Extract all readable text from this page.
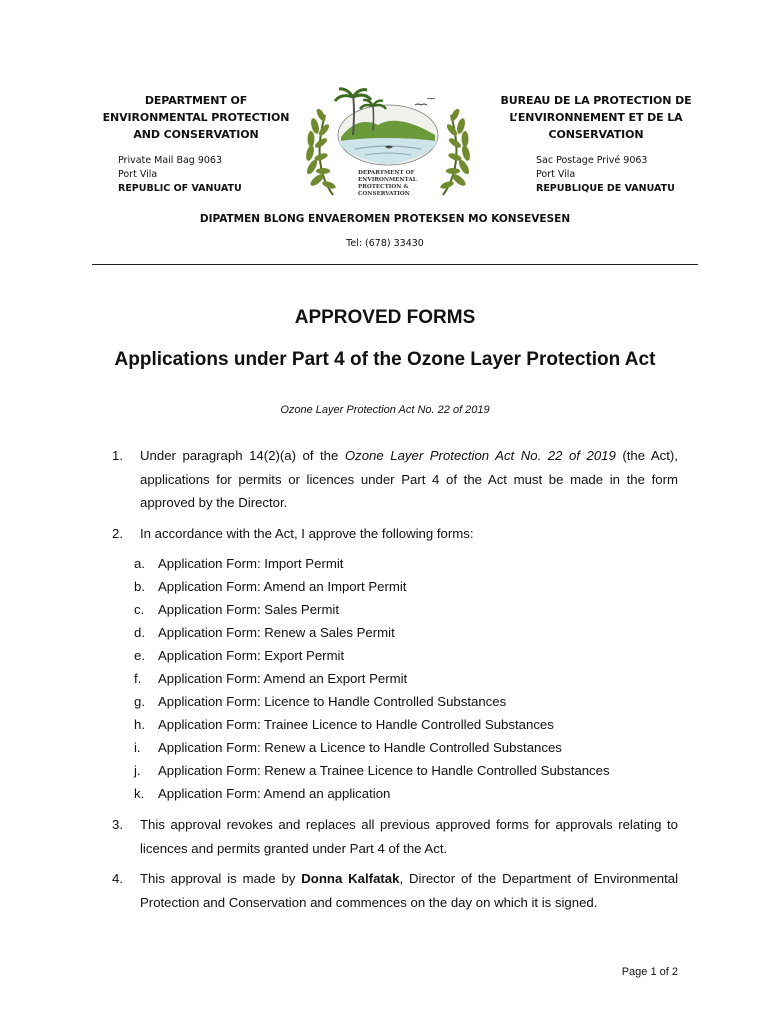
DEPARTMENT OF
ENVIRONMENTAL PROTECTION
AND CONSERVATION
Private Mail Bag 9063
Port Vila
REPUBLIC OF VANUATU
DEPARTMENT OF
ENVIRONMENTAL
PROTECTION &
CONSERVATION
BUREAU DE LA PROTECTION DE
L’ENVIRONNEMENT ET DE LA
CONSERVATION
Sac Postage Privé 9063
Port Vila
REPUBLIQUE DE VANUATU
DIPATMEN BLONG ENVAEROMEN PROTEKSEN MO KONSEVESEN
Tel: (678) 33430
APPROVED FORMS
Applications under Part 4 of the Ozone Layer Protection Act
Ozone Layer Protection Act No. 22 of 2019
1. Under paragraph 14(2)(a) of the Ozone Layer Protection Act No. 22 of 2019 (the Act), applications for permits or licences under Part 4 of the Act must be made in the form approved by the Director.
2. In accordance with the Act, I approve the following forms:
a. Application Form: Import Permit
b. Application Form: Amend an Import Permit
c. Application Form: Sales Permit
d. Application Form: Renew a Sales Permit
e. Application Form: Export Permit
f. Application Form: Amend an Export Permit
g. Application Form: Licence to Handle Controlled Substances
h. Application Form: Trainee Licence to Handle Controlled Substances
i. Application Form: Renew a Licence to Handle Controlled Substances
j. Application Form: Renew a Trainee Licence to Handle Controlled Substances
k. Application Form: Amend an application
3. This approval revokes and replaces all previous approved forms for approvals relating to licences and permits granted under Part 4 of the Act.
4. This approval is made by Donna Kalfatak, Director of the Department of Environmental Protection and Conservation and commences on the day on which it is signed.
Page 1 of 2
